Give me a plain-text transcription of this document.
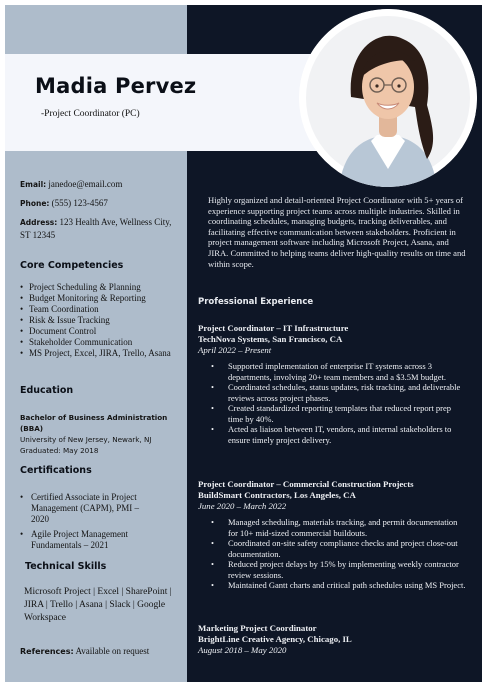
Madia Pervez
-Project Coordinator (PC)
Email: janedoe@email.com
Phone: (555) 123-4567
Address: 123 Health Ave, Wellness City, ST 12345
Core Competencies
• Project Scheduling & Planning
• Budget Monitoring & Reporting
• Team Coordination
• Risk & Issue Tracking
• Document Control
• Stakeholder Communication
• MS Project, Excel, JIRA, Trello, Asana
Education
Bachelor of Business Administration (BBA)
University of New Jersey, Newark, NJ
Graduated: May 2018
Certifications
• Certified Associate in Project Management (CAPM), PMI – 2020
• Agile Project Management Fundamentals – 2021
Technical Skills
Microsoft Project | Excel | SharePoint | JIRA | Trello | Asana | Slack | Google Workspace
References: Available on request
Highly organized and detail-oriented Project Coordinator with 5+ years of experience supporting project teams across multiple industries. Skilled in coordinating schedules, managing budgets, tracking deliverables, and facilitating effective communication between stakeholders. Proficient in project management software including Microsoft Project, Asana, and JIRA. Committed to helping teams deliver high-quality results on time and within scope.
Professional Experience
Project Coordinator – IT Infrastructure
TechNova Systems, San Francisco, CA
April 2022 – Present
• Supported implementation of enterprise IT systems across 3 departments, involving 20+ team members and a $3.5M budget.
• Coordinated schedules, status updates, risk tracking, and deliverable reviews across project phases.
• Created standardized reporting templates that reduced report prep time by 40%.
• Acted as liaison between IT, vendors, and internal stakeholders to ensure timely project delivery.
Project Coordinator – Commercial Construction Projects
BuildSmart Contractors, Los Angeles, CA
June 2020 – March 2022
• Managed scheduling, materials tracking, and permit documentation for 10+ mid-sized commercial buildouts.
• Coordinated on-site safety compliance checks and project close-out documentation.
• Reduced project delays by 15% by implementing weekly contractor review sessions.
• Maintained Gantt charts and critical path schedules using MS Project.
Marketing Project Coordinator
BrightLine Creative Agency, Chicago, IL
August 2018 – May 2020
